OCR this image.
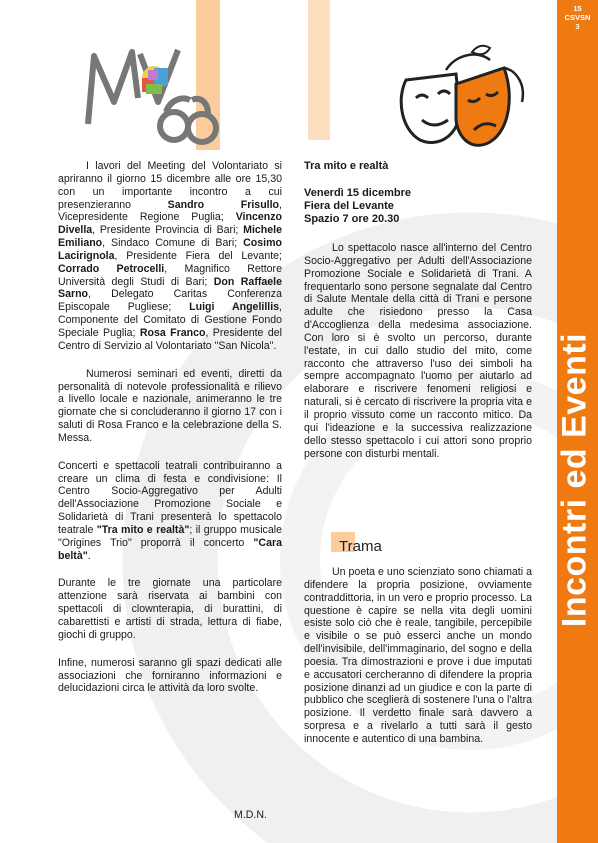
15
CSVSN
3
Incontri ed Eventi

I lavori del Meeting del Volontariato si apriranno il giorno 15 dicembre alle ore 15,30 con un importante incontro a cui presenzieranno Sandro Frisullo, Vicepresidente Regione Puglia; Vincenzo Divella, Presidente Provincia di Bari; Michele Emiliano, Sindaco Comune di Bari; Cosimo Lacirignola, Presidente Fiera del Levante; Corrado Petrocelli, Magnifico Rettore Università degli Studi di Bari; Don Raffaele Sarno, Delegato Caritas Conferenza Episcopale Pugliese; Luigi Angelillis, Componente del Comitato di Gestione Fondo Speciale Puglia; Rosa Franco, Presidente del Centro di Servizio al Volontariato "San Nicola".

Numerosi seminari ed eventi, diretti da personalità di notevole professionalità e rilievo a livello locale e nazionale, animeranno le tre giornate che si concluderanno il giorno 17 con i saluti di Rosa Franco e la celebrazione della S. Messa.

Concerti e spettacoli teatrali contribuiranno a creare un clima di festa e condivisione: Il Centro Socio-Aggregativo per Adulti dell'Associazione Promozione Sociale e Solidarietà di Trani presenterà lo spettacolo teatrale "Tra mito e realtà"; il gruppo musicale "Origines Trio" proporrà il concerto "Cara beltà".

Durante le tre giornate una particolare attenzione sarà riservata ai bambini con spettacoli di clownterapia, di burattini, di cabarettisti e artisti di strada, lettura di fiabe, giochi di gruppo.

Infine, numerosi saranno gli spazi dedicati alle associazioni che forniranno informazioni e delucidazioni circa le attività da loro svolte.

M.D.N.

Tra mito e realtà

Venerdì 15 dicembre

Fiera del Levante

Spazio 7 ore 20.30

Lo spettacolo nasce all'interno del Centro Socio-Aggregativo per Adulti dell'Associazione Promozione Sociale e Solidarietà di Trani. A frequentarlo sono persone segnalate dal Centro di Salute Mentale della città di Trani e persone adulte che risiedono presso la Casa d'Accoglienza della medesima associazione. Con loro si è svolto un percorso, durante l'estate, in cui dallo studio del mito, come racconto che attraverso l'uso dei simboli ha sempre accompagnato l'uomo per aiutarlo ad elaborare e riscrivere fenomeni religiosi e naturali, si è cercato di riscrivere la propria vita e il proprio vissuto come un racconto mitico. Da qui l'ideazione e la successiva realizzazione dello stesso spettacolo i cui attori sono proprio persone con disturbi mentali.

Trama

Un poeta e uno scienziato sono chiamati a difendere la propria posizione, ovviamente contraddittoria, in un vero e proprio processo. La questione è capire se nella vita degli uomini esiste solo ciò che è reale, tangibile, percepibile e visibile o se può esserci anche un mondo dell'invisibile, dell'immaginario, del sogno e della poesia. Tra dimostrazioni e prove i due imputati e accusatori cercheranno di difendere la propria posizione dinanzi ad un giudice e con la parte di pubblico che sceglierà di sostenere l'una o l'altra posizione. Il verdetto finale sarà davvero a sorpresa e a rivelarlo a tutti sarà il gesto innocente e autentico di una bambina.
